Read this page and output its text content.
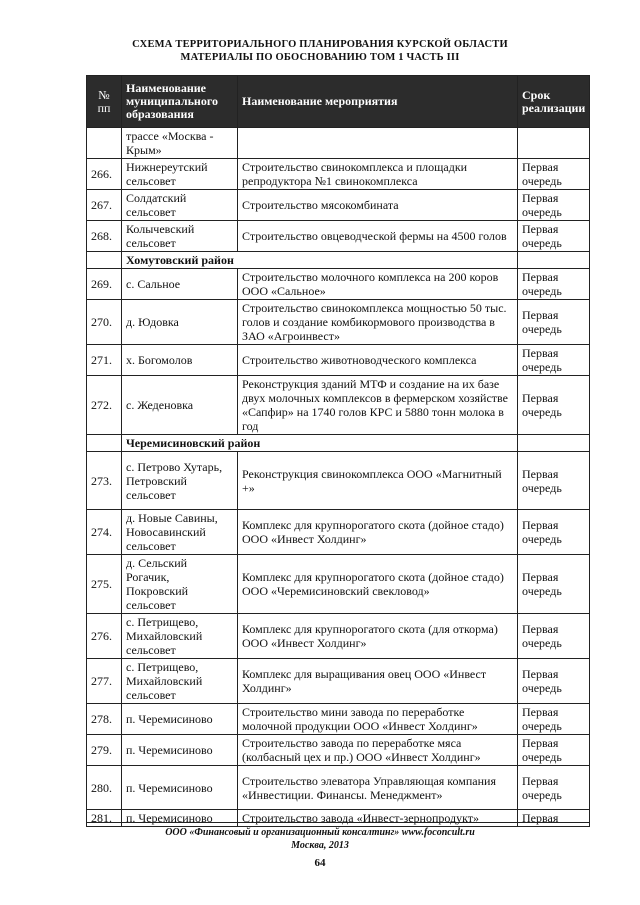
СХЕМА ТЕРРИТОРИАЛЬНОГО ПЛАНИРОВАНИЯ КУРСКОЙ ОБЛАСТИ
МАТЕРИАЛЫ ПО ОБОСНОВАНИЮ ТОМ 1 ЧАСТЬ III
№ пп	Наименование муниципального образования	Наименование мероприятия	Срок реализации
	трассе «Москва - Крым»		
266.	Нижнереутский сельсовет	Строительство свинокомплекса и площадки репродуктора №1 свинокомплекса	Первая очередь
267.	Солдатский сельсовет	Строительство мясокомбината	Первая очередь
268.	Колычевский сельсовет	Строительство овцеводческой фермы на 4500 голов	Первая очередь
	Хомутовский район		
269.	с. Сальное	Строительство молочного комплекса на 200 коров ООО «Сальное»	Первая очередь
270.	д. Юдовка	Строительство свинокомплекса мощностью 50 тыс. голов и создание комбикормового производства в ЗАО «Агроинвест»	Первая очередь
271.	х. Богомолов	Строительство животноводческого комплекса	Первая очередь
272.	с. Жеденовка	Реконструкция зданий МТФ и создание на их базе двух молочных комплексов в фермерском хозяйстве «Сапфир» на 1740 голов КРС и 5880 тонн молока в год	Первая очередь
	Черемисиновский район		
273.	с. Петрово Хутарь, Петровский сельсовет	Реконструкция свинокомплекса ООО «Магнитный +»	Первая очередь
274.	д. Новые Савины, Новосавинский сельсовет	Комплекс для крупнорогатого скота (дойное стадо) ООО «Инвест Холдинг»	Первая очередь
275.	д. Сельский Рогачик, Покровский сельсовет	Комплекс для крупнорогатого скота (дойное стадо) ООО «Черемисиновский свекловод»	Первая очередь
276.	с. Петрищево, Михайловский сельсовет	Комплекс для крупнорогатого скота (для откорма) ООО «Инвест Холдинг»	Первая очередь
277.	с. Петрищево, Михайловский сельсовет	Комплекс для выращивания овец ООО «Инвест Холдинг»	Первая очередь
278.	п. Черемисиново	Строительство мини завода по переработке молочной продукции ООО «Инвест Холдинг»	Первая очередь
279.	п. Черемисиново	Строительство завода по переработке мяса (колбасный цех и пр.) ООО «Инвест Холдинг»	Первая очередь
280.	п. Черемисиново	Строительство элеватора Управляющая компания «Инвестиции. Финансы. Менеджмент»	Первая очередь
281.	п. Черемисиново	Строительство завода «Инвест-зернопродукт»	Первая
ООО «Финансовый и организационный консалтинг» www.foconcult.ru
Москва, 2013
64
